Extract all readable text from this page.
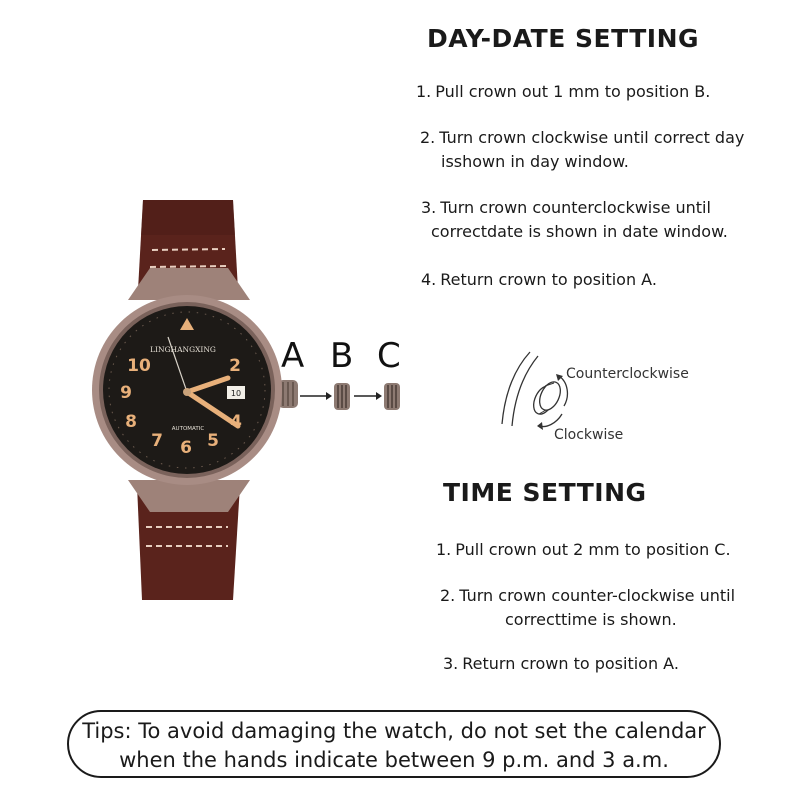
10
LINGHANGXING
AUTOMATIC
10	2
9
4
8
7	5
6
A B C
DAY-DATE SETTING
1. Pull crown out 1 mm to position B.
2. Turn crown clockwise until correct day
isshown in day window.
3. Turn crown counterclockwise until
correctdate is shown in date window.
4. Return crown to position A.
Counterclockwise
Clockwise
TIME SETTING
1. Pull crown out 2 mm to position C.
2. Turn crown counter-clockwise until
correcttime is shown.
3. Return crown to position A.
Tips: To avoid damaging the watch, do not set the calendar
when the hands indicate between 9 p.m. and 3 a.m.
